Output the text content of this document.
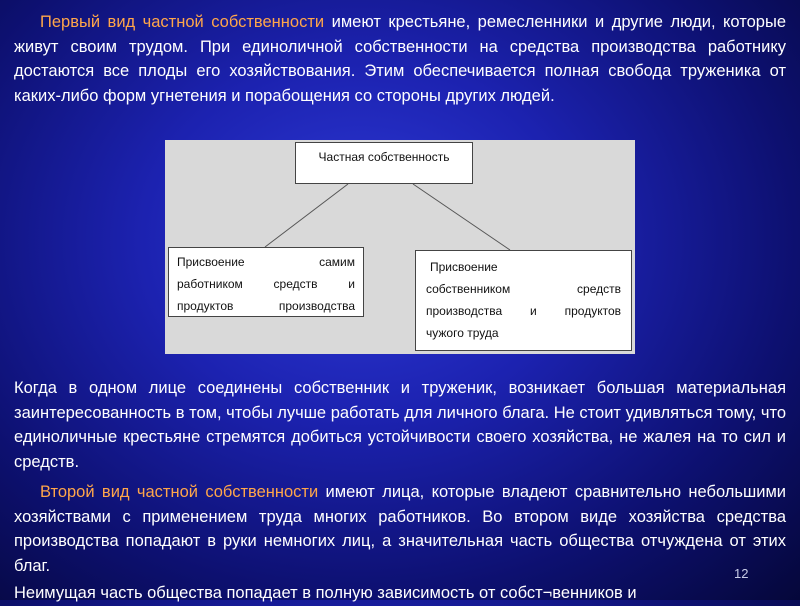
Первый вид частной собственности имеют крестьяне, ремесленники и другие люди, которые живут своим трудом. При единоличной собственности на средства производства работнику достаются все плоды его хозяйствования. Этим обеспечивается полная свобода труженика от каких-либо форм угнетения и порабощения со стороны других людей.

Частная собственность
Присвоение самим
работником средств и
продуктов производства
Присвоение
собственником средств
производства и продуктов
чужого труда

Когда в одном лице соединены собственник и труженик, возникает большая материальная заинтересованность в том, чтобы лучше работать для личного блага. Не стоит удивляться тому, что единоличные крестьяне стремятся добиться устойчивости своего хозяйства, не жалея на то сил и средств.

Второй вид частной собственности имеют лица, которые владеют сравнительно небольшими хозяйствами с применением труда многих работников. Во втором виде хозяйства средства производства попадают в руки немногих лиц, а значительная часть общества отчуждена от этих благ.

Неимущая часть общества попадает в полную зависимость от собст¬венников и

12
